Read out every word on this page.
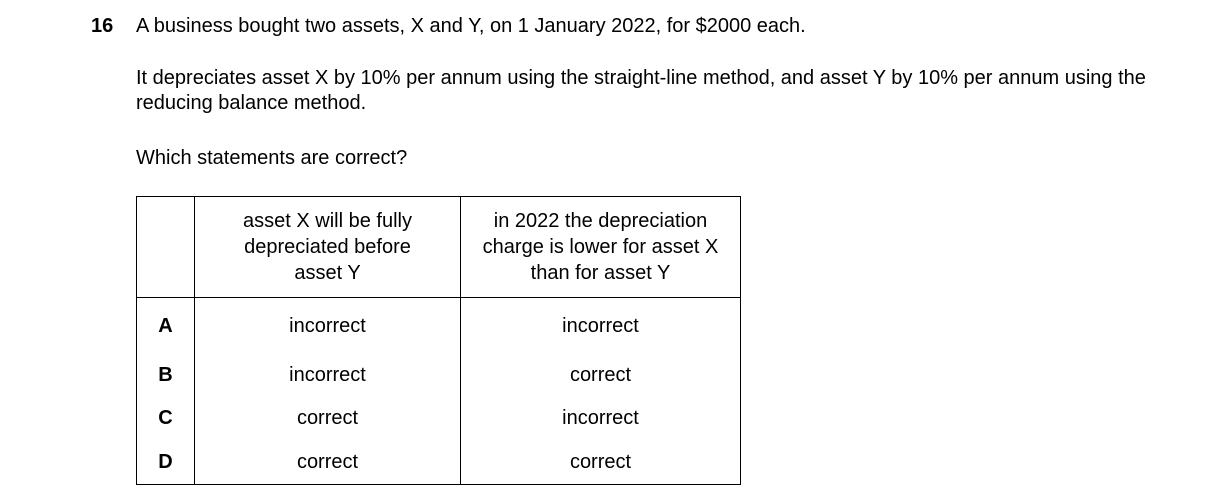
16 A business bought two assets, X and Y, on 1 January 2022, for $2000 each.
It depreciates asset X by 10% per annum using the straight-line method, and asset Y by 10% per annum using the reducing balance method.
Which statements are correct?

	asset X will be fully depreciated before asset Y	in 2022 the depreciation charge is lower for asset X than for asset Y

A	incorrect	incorrect
B	incorrect	correct
C	correct	incorrect
D	correct	correct
